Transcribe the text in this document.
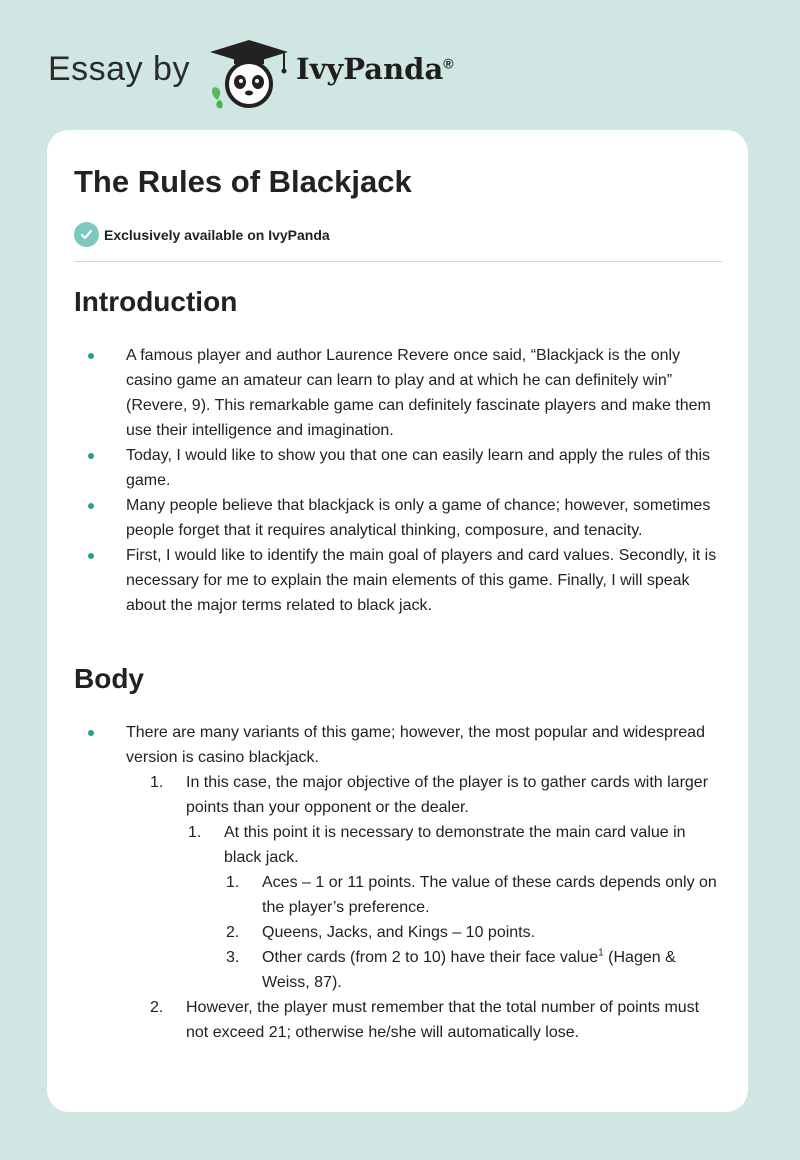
Essay by	IvyPanda®
The Rules of Blackjack
Exclusively available on IvyPanda
Introduction
A famous player and author Laurence Revere once said, “Blackjack is the only casino game an amateur can learn to play and at which he can definitely win” (Revere, 9). This remarkable game can definitely fascinate players and make them use their intelligence and imagination.
Today, I would like to show you that one can easily learn and apply the rules of this game.
Many people believe that blackjack is only a game of chance; however, sometimes people forget that it requires analytical thinking, composure, and tenacity.
First, I would like to identify the main goal of players and card values. Secondly, it is necessary for me to explain the main elements of this game. Finally, I will speak about the major terms related to black jack.
Body
There are many variants of this game; however, the most popular and widespread version is casino blackjack.
1. In this case, the major objective of the player is to gather cards with larger points than your opponent or the dealer.
1. At this point it is necessary to demonstrate the main card value in black jack.
1. Aces – 1 or 11 points. The value of these cards depends only on the player’s preference.
2. Queens, Jacks, and Kings – 10 points.
3. Other cards (from 2 to 10) have their face value$^1$ (Hagen & Weiss, 87).
2. However, the player must remember that the total number of points must not exceed 21; otherwise he/she will automatically lose.
